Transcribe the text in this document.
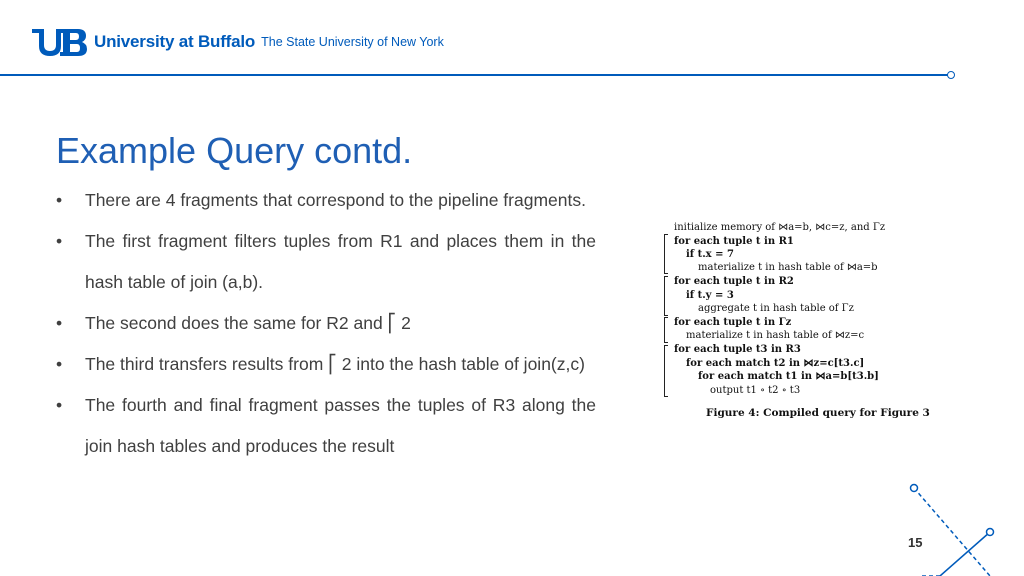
University at Buffalo The State University of New York
Example Query contd.
• There are 4 fragments that correspond to the pipeline fragments.
• The first fragment filters tuples from R1 and places them in the hash table of join (a,b).
• The second does the same for R2 and ⎡ 2
• The third transfers results from ⎡ 2 into the hash table of join(z,c)
• The fourth and final fragment passes the tuples of R3 along the join hash tables and produces the result
initialize memory of ⋈a=b, ⋈c=z, and Γz
for each tuple t in R1
if t.x = 7
materialize t in hash table of ⋈a=b
for each tuple t in R2
if t.y = 3
aggregate t in hash table of Γz
for each tuple t in Γz
materialize t in hash table of ⋈z=c
for each tuple t3 in R3
for each match t2 in ⋈z=c[t3.c]
for each match t1 in ⋈a=b[t3.b]
output t1 ∘ t2 ∘ t3
Figure 4: Compiled query for Figure 3
15
